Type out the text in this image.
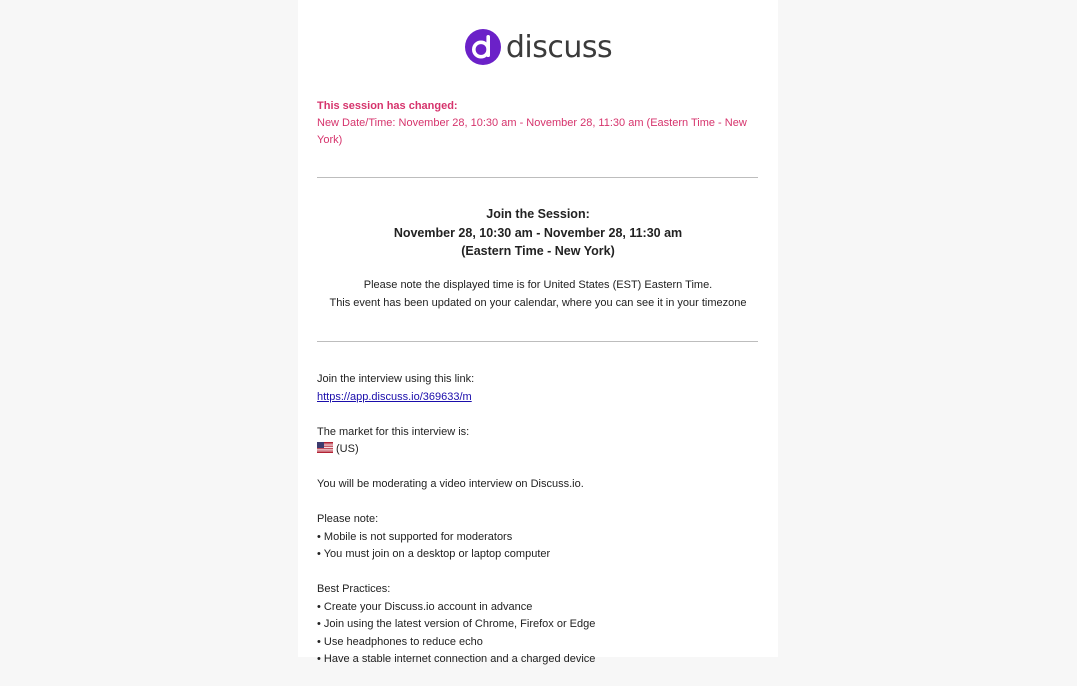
discuss
This session has changed:
New Date/Time: November 28, 10:30 am - November 28, 11:30 am (Eastern Time - New York)
Join the Session:
November 28, 10:30 am - November 28, 11:30 am
(Eastern Time - New York)
Please note the displayed time is for United States (EST) Eastern Time.
This event has been updated on your calendar, where you can see it in your timezone

Join the interview using this link:
https://app.discuss.io/369633/m

The market for this interview is:
(US)

You will be moderating a video interview on Discuss.io.

Please note:
• Mobile is not supported for moderators
• You must join on a desktop or laptop computer

Best Practices:
• Create your Discuss.io account in advance
• Join using the latest version of Chrome, Firefox or Edge
• Use headphones to reduce echo
• Have a stable internet connection and a charged device
